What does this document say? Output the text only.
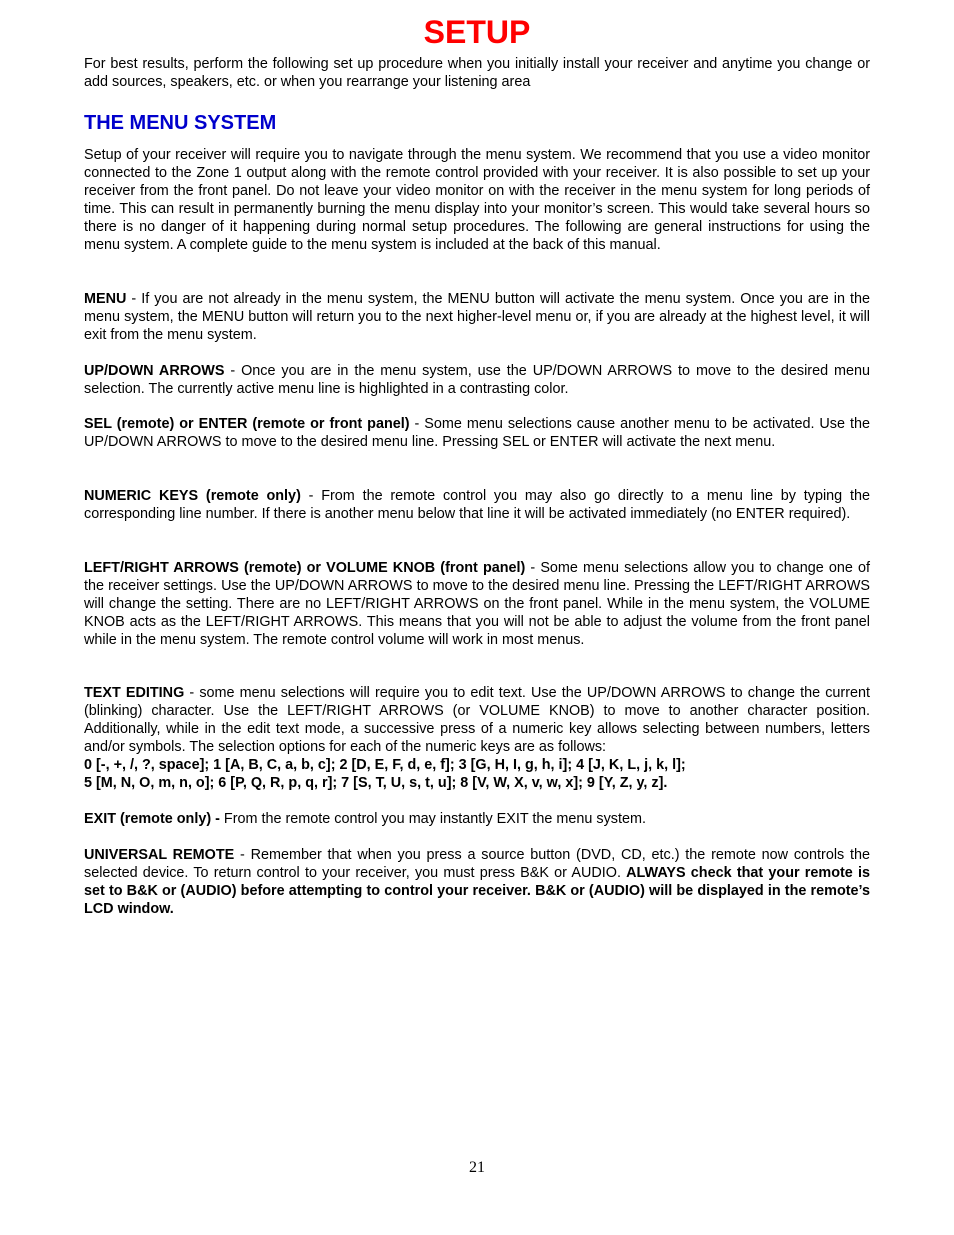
SETUP

For best results, perform the following set up procedure when you initially install your receiver and anytime you change or add sources, speakers, etc. or when you rearrange your listening area

THE MENU SYSTEM

Setup of your receiver will require you to navigate through the menu system. We recommend that you use a video monitor connected to the Zone 1 output along with the remote control provided with your receiver. It is also possible to set up your receiver from the front panel. Do not leave your video monitor on with the receiver in the menu system for long periods of time. This can result in permanently burning the menu display into your monitor’s screen. This would take several hours so there is no danger of it happening during normal setup procedures. The following are general instructions for using the menu system. A complete guide to the menu system is included at the back of this manual.

MENU - If you are not already in the menu system, the MENU button will activate the menu system. Once you are in the menu system, the MENU button will return you to the next higher-level menu or, if you are already at the highest level, it will exit from the menu system.

UP/DOWN ARROWS - Once you are in the menu system, use the UP/DOWN ARROWS to move to the desired menu selection. The currently active menu line is highlighted in a contrasting color.

SEL (remote) or ENTER (remote or front panel) - Some menu selections cause another menu to be activated. Use the UP/DOWN ARROWS to move to the desired menu line. Pressing SEL or ENTER will activate the next menu.

NUMERIC KEYS (remote only) - From the remote control you may also go directly to a menu line by typing the corresponding line number. If there is another menu below that line it will be activated immediately (no ENTER required).

LEFT/RIGHT ARROWS (remote) or VOLUME KNOB (front panel) - Some menu selections allow you to change one of the receiver settings. Use the UP/DOWN ARROWS to move to the desired menu line. Pressing the LEFT/RIGHT ARROWS will change the setting. There are no LEFT/RIGHT ARROWS on the front panel. While in the menu system, the VOLUME KNOB acts as the LEFT/RIGHT ARROWS. This means that you will not be able to adjust the volume from the front panel while in the menu system. The remote control volume will work in most menus.

TEXT EDITING - some menu selections will require you to edit text. Use the UP/DOWN ARROWS to change the current (blinking) character. Use the LEFT/RIGHT ARROWS (or VOLUME KNOB) to move to another character position. Additionally, while in the edit text mode, a successive press of a numeric key allows selecting between numbers, letters and/or symbols. The selection options for each of the numeric keys are as follows:

0 [-, +, /, ?, space]; 1 [A, B, C, a, b, c]; 2 [D, E, F, d, e, f]; 3 [G, H, I, g, h, i]; 4 [J, K, L, j, k, l];

5 [M, N, O, m, n, o]; 6 [P, Q, R, p, q, r]; 7 [S, T, U, s, t, u]; 8 [V, W, X, v, w, x]; 9 [Y, Z, y, z].

EXIT (remote only) - From the remote control you may instantly EXIT the menu system.

UNIVERSAL REMOTE - Remember that when you press a source button (DVD, CD, etc.) the remote now controls the selected device. To return control to your receiver, you must press B&K or AUDIO. ALWAYS check that your remote is set to B&K or (AUDIO) before attempting to control your receiver. B&K or (AUDIO) will be displayed in the remote’s LCD window.

21
